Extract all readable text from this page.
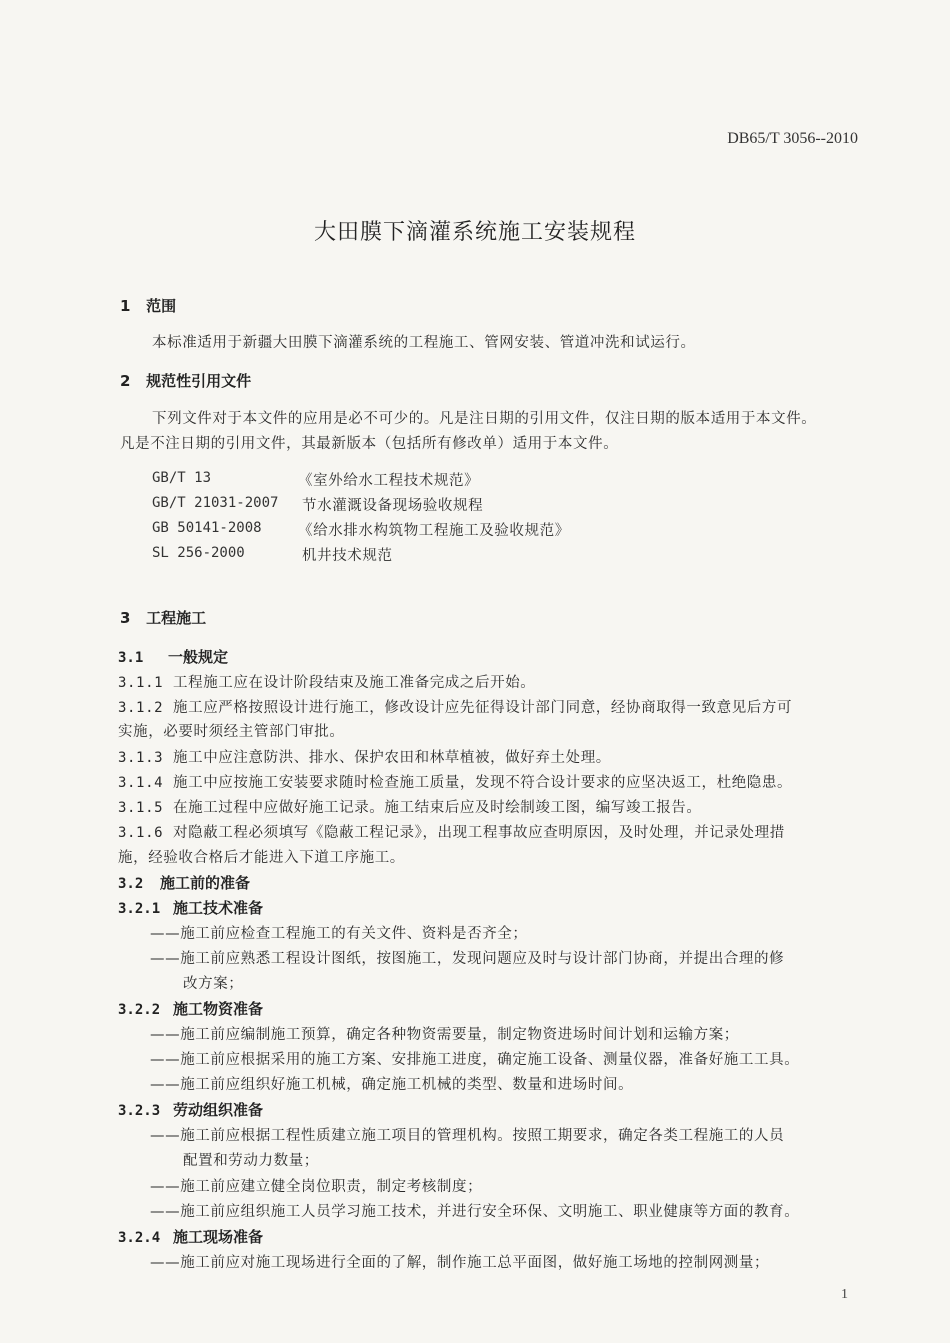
DB65/T 3056--2010
大田膜下滴灌系统施工安装规程
1 范围
本标准适用于新疆大田膜下滴灌系统的工程施工、管网安装、管道冲洗和试运行。
2 规范性引用文件
下列文件对于本文件的应用是必不可少的。凡是注日期的引用文件，仅注日期的版本适用于本文件。
凡是不注日期的引用文件，其最新版本（包括所有修改单）适用于本文件。
GB/T 13	《室外给水工程技术规范》
GB/T 21031-2007 节水灌溉设备现场验收规程
GB 50141-2008	《给水排水构筑物工程施工及验收规范》
SL 256-2000	机井技术规范
3 工程施工
3.1 一般规定
3.1.1 工程施工应在设计阶段结束及施工准备完成之后开始。
3.1.2 施工应严格按照设计进行施工，修改设计应先征得设计部门同意，经协商取得一致意见后方可
实施，必要时须经主管部门审批。
3.1.3 施工中应注意防洪、排水、保护农田和林草植被，做好弃土处理。
3.1.4 施工中应按施工安装要求随时检查施工质量，发现不符合设计要求的应坚决返工，杜绝隐患。
3.1.5 在施工过程中应做好施工记录。施工结束后应及时绘制竣工图，编写竣工报告。
3.1.6 对隐蔽工程必须填写《隐蔽工程记录》，出现工程事故应查明原因，及时处理，并记录处理措
施，经验收合格后才能进入下道工序施工。
3.2 施工前的准备
3.2.1 施工技术准备
——施工前应检查工程施工的有关文件、资料是否齐全；
——施工前应熟悉工程设计图纸，按图施工，发现问题应及时与设计部门协商，并提出合理的修
改方案；
3.2.2 施工物资准备
——施工前应编制施工预算，确定各种物资需要量，制定物资进场时间计划和运输方案；
——施工前应根据采用的施工方案、安排施工进度，确定施工设备、测量仪器，准备好施工工具。
——施工前应组织好施工机械，确定施工机械的类型、数量和进场时间。
3.2.3 劳动组织准备
——施工前应根据工程性质建立施工项目的管理机构。按照工期要求，确定各类工程施工的人员
配置和劳动力数量；
——施工前应建立健全岗位职责，制定考核制度；
——施工前应组织施工人员学习施工技术，并进行安全环保、文明施工、职业健康等方面的教育。
3.2.4 施工现场准备
——施工前应对施工现场进行全面的了解，制作施工总平面图，做好施工场地的控制网测量；
1
